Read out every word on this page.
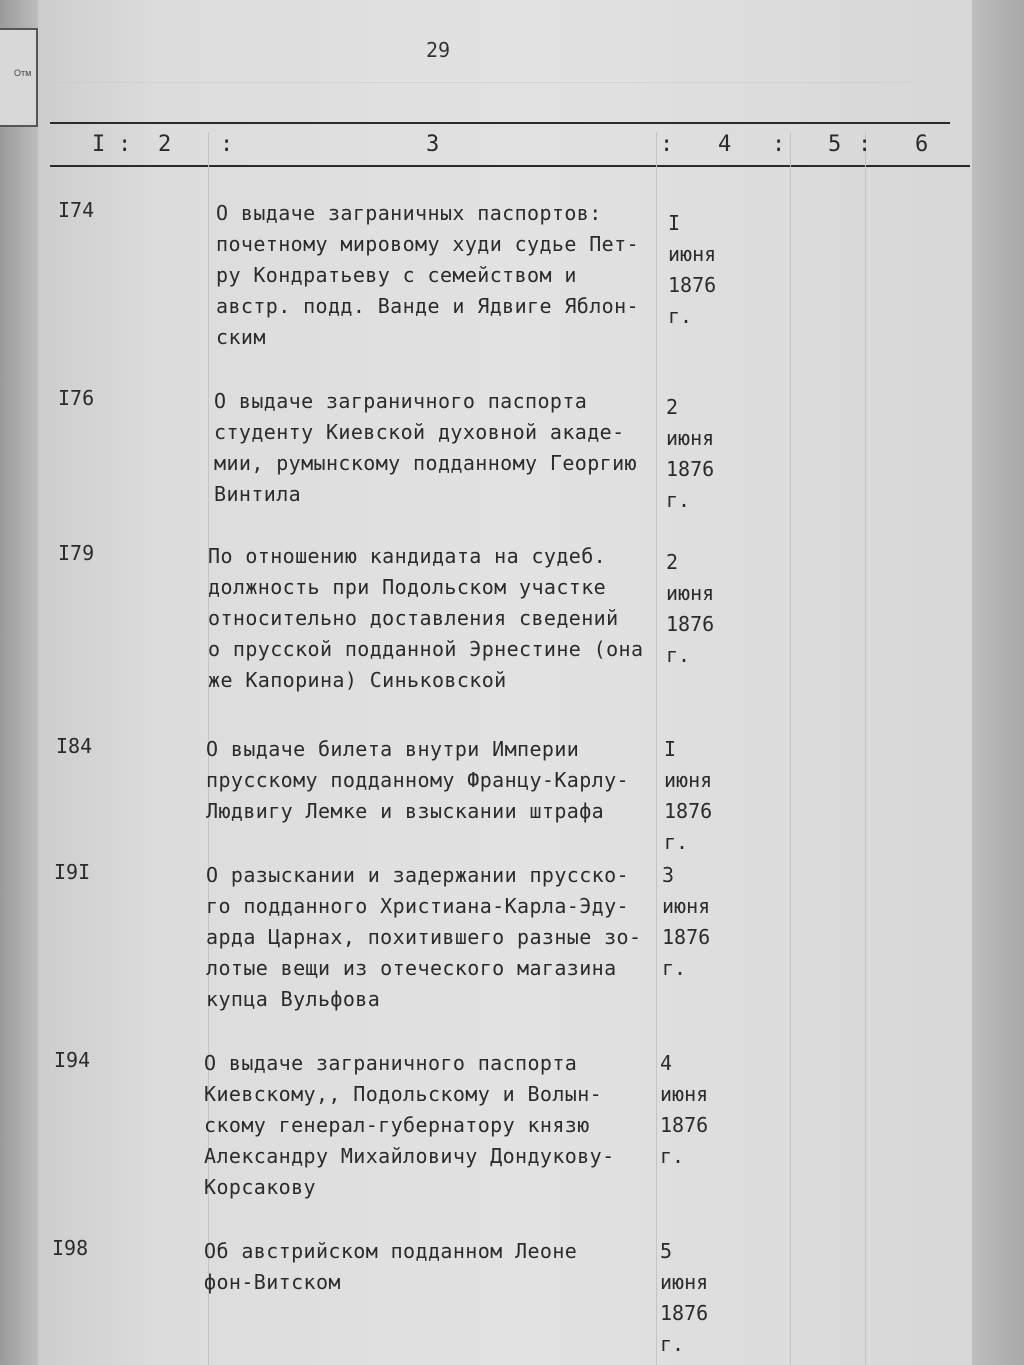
Отм
29
I : 2 :	3	: 4 : 5 : 6
I74	О выдаче заграничных паспортов:
почетному мировому худи судье Пет-
ру Кондратьеву с семейством и
австр. подд. Ванде и Ядвиге Яблон-
ским
I июня
1876 г.
I76	О выдаче заграничного паспорта
студенту Киевской духовной акаде-
мии, румынскому подданному Георгию
Винтила
2 июня
1876 г.
I79	По отношению кандидата на судеб.
должность при Подольском участке
относительно доставления сведений
о прусской подданной Эрнестине (она
же Капорина) Синьковской
2 июня
1876 г.
I84	О выдаче билета внутри Империи
прусскому подданному Францу-Карлу-
Людвигу Лемке и взыскании штрафа
I июня
1876 г.
I9I	О разыскании и задержании прусско-
го подданного Христиана-Карла-Эду-
арда Царнах, похитившего разные зо-
лотые вещи из отеческого магазина
купца Вульфова
3 июня
1876 г.
I94	О выдаче заграничного паспорта
Киевскому,, Подольскому и Волын-
скому генерал-губернатору князю
Александру Михайловичу Дондукову-
Корсакову
4 июня
1876 г.
I98	Об австрийском подданном Леоне
фон-Витском
5 июня
1876 г.
